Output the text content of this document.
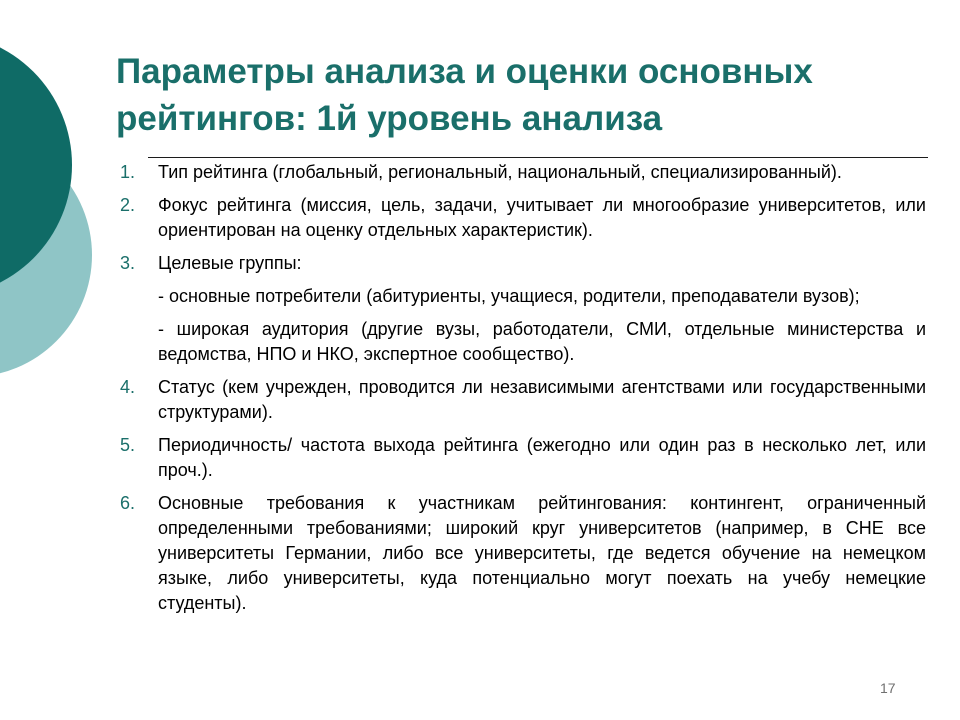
Параметры анализа и оценки основных рейтингов: 1й уровень анализа
1.	Тип рейтинга (глобальный, региональный, национальный, специализированный).
2.	Фокус рейтинга (миссия, цель, задачи, учитывает ли многообразие университетов, или ориентирован на оценку отдельных характеристик).
3.	Целевые группы:
- основные потребители (абитуриенты, учащиеся, родители, преподаватели вузов);
- широкая аудитория (другие вузы, работодатели, СМИ, отдельные министерства и ведомства, НПО и НКО, экспертное сообщество).
4.	Статус (кем учрежден, проводится ли независимыми агентствами или государственными структурами).
5.	Периодичность/ частота выхода рейтинга (ежегодно или один раз в несколько лет, или проч.).
6.	Основные требования к участникам рейтингования: контингент, ограниченный определенными требованиями; широкий круг университетов (например, в CHE все университеты Германии, либо все университеты, где ведется обучение на немецком языке, либо университеты, куда потенциально могут поехать на учебу немецкие студенты).
17
